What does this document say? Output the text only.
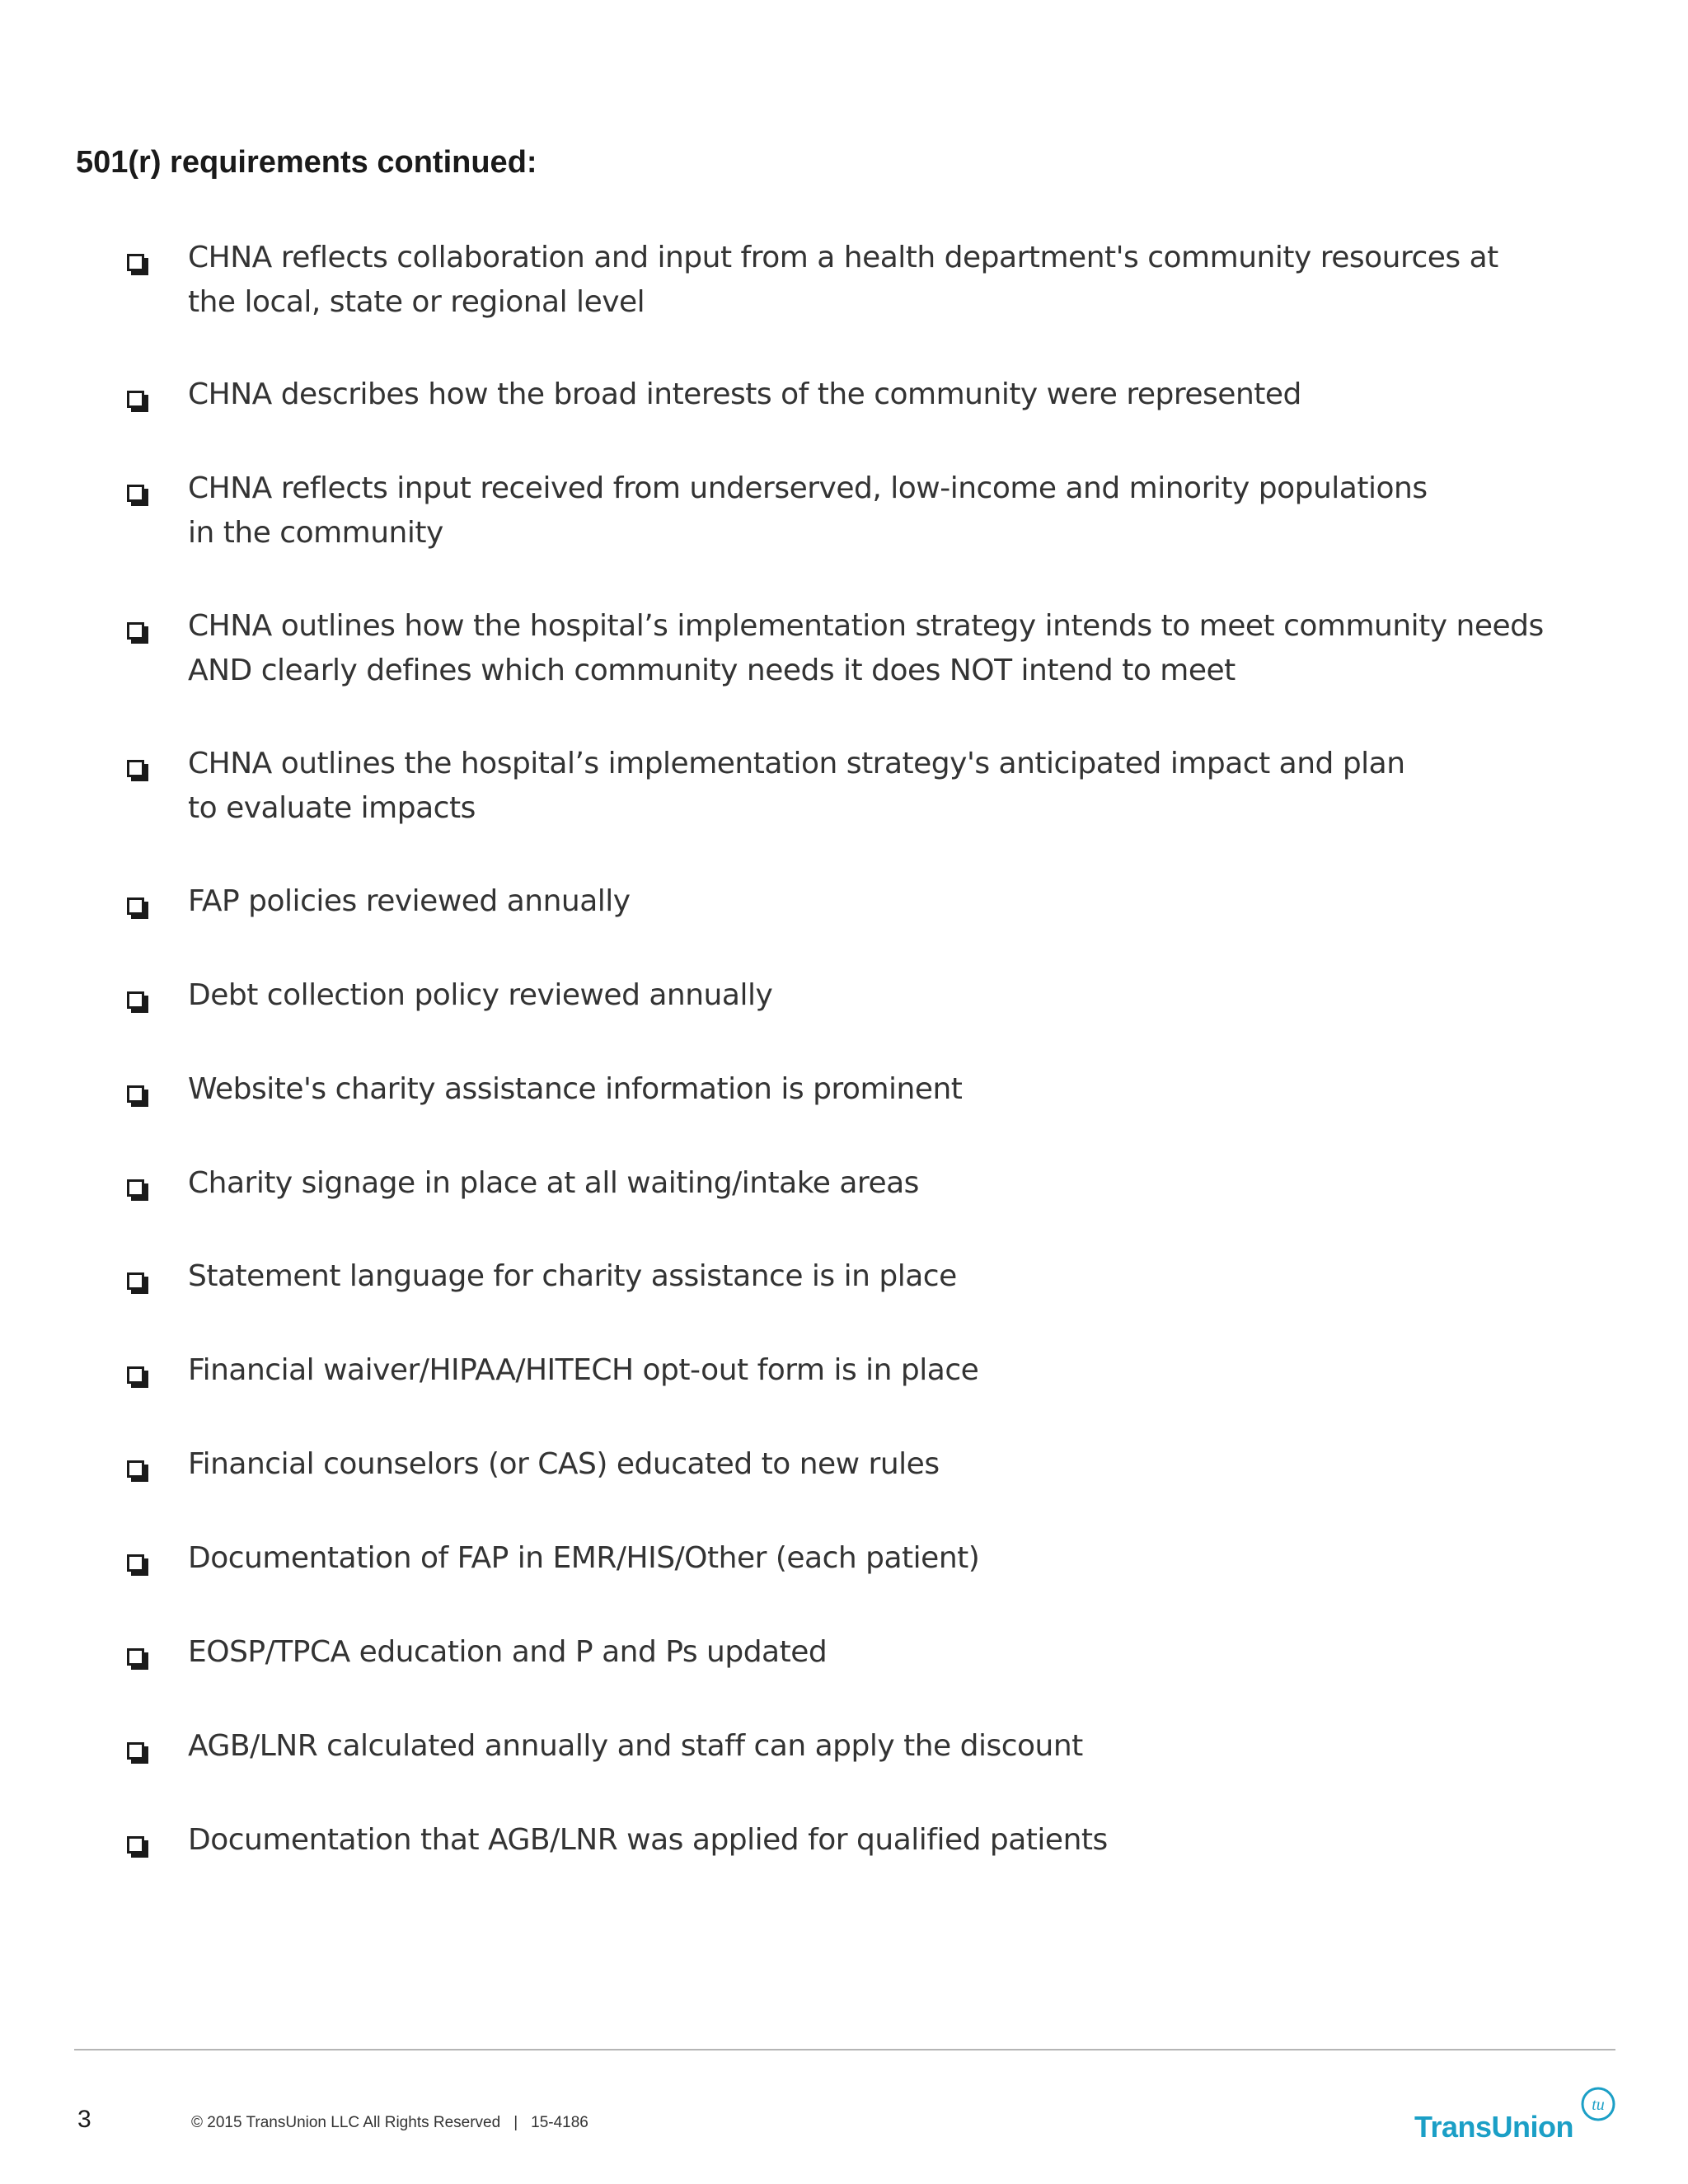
501(r) requirements continued:
CHNA reflects collaboration and input from a health department's community resources at
the local, state or regional level
CHNA describes how the broad interests of the community were represented
CHNA reflects input received from underserved, low-income and minority populations
in the community
CHNA outlines how the hospital’s implementation strategy intends to meet community needs
AND clearly defines which community needs it does NOT intend to meet
CHNA outlines the hospital’s implementation strategy's anticipated impact and plan
to evaluate impacts
FAP policies reviewed annually
Debt collection policy reviewed annually
Website's charity assistance information is prominent
Charity signage in place at all waiting/intake areas
Statement language for charity assistance is in place
Financial waiver/HIPAA/HITECH opt-out form is in place
Financial counselors (or CAS) educated to new rules
Documentation of FAP in EMR/HIS/Other (each patient)
EOSP/TPCA education and P and Ps updated
AGB/LNR calculated annually and staff can apply the discount
Documentation that AGB/LNR was applied for qualified patients
3	© 2015 TransUnion LLC All Rights Reserved | 15-4186	TransUnion
tu
